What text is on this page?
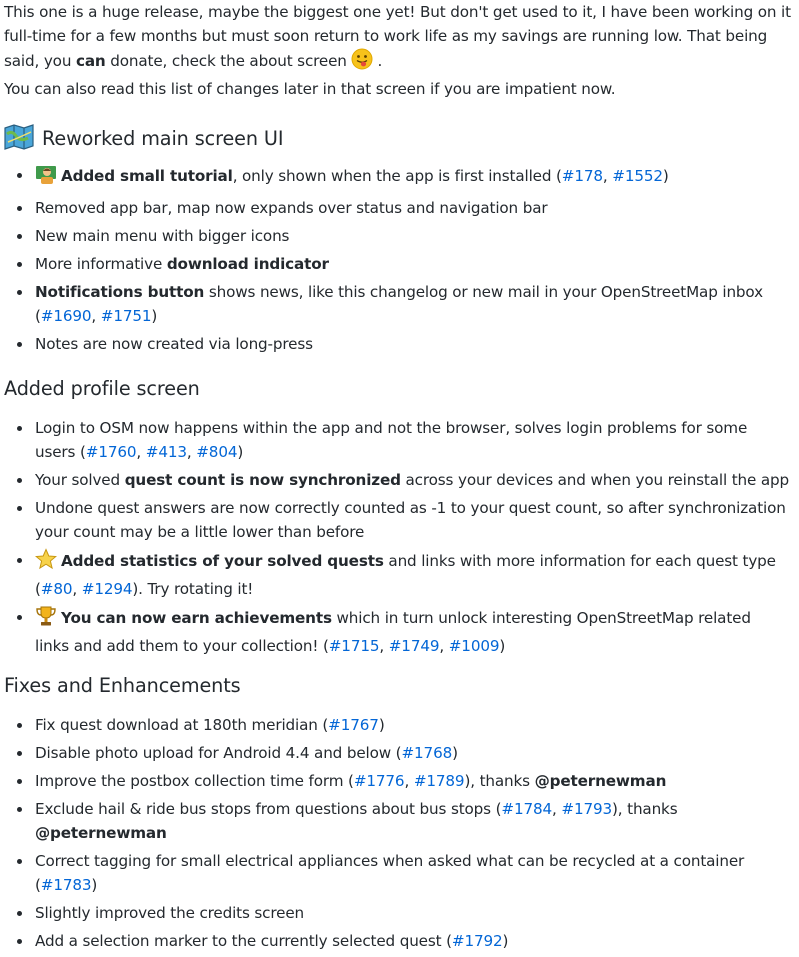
This one is a huge release, maybe the biggest one yet! But don't get used to it, I have been working on it full-time for a few months but must soon return to work life as my savings are running low. That being said, you can donate, check the about screen .

You can also read this list of changes later in that screen if you are impatient now.

Reworked main screen UI
Added small tutorial, only shown when the app is first installed (#178, #1552)
Removed app bar, map now expands over status and navigation bar
New main menu with bigger icons
More informative download indicator
Notifications button shows news, like this changelog or new mail in your OpenStreetMap inbox (#1690, #1751)
Notes are now created via long-press
Added profile screen
Login to OSM now happens within the app and not the browser, solves login problems for some users (#1760, #413, #804)
Your solved quest count is now synchronized across your devices and when you reinstall the app
Undone quest answers are now correctly counted as -1 to your quest count, so after synchronization your count may be a little lower than before
Added statistics of your solved quests and links with more information for each quest type (#80, #1294). Try rotating it!
You can now earn achievements which in turn unlock interesting OpenStreetMap related links and add them to your collection! (#1715, #1749, #1009)
Fixes and Enhancements
Fix quest download at 180th meridian (#1767)
Disable photo upload for Android 4.4 and below (#1768)
Improve the postbox collection time form (#1776, #1789), thanks @peternewman
Exclude hail & ride bus stops from questions about bus stops (#1784, #1793), thanks @peternewman
Correct tagging for small electrical appliances when asked what can be recycled at a container (#1783)
Slightly improved the credits screen
Add a selection marker to the currently selected quest (#1792)
